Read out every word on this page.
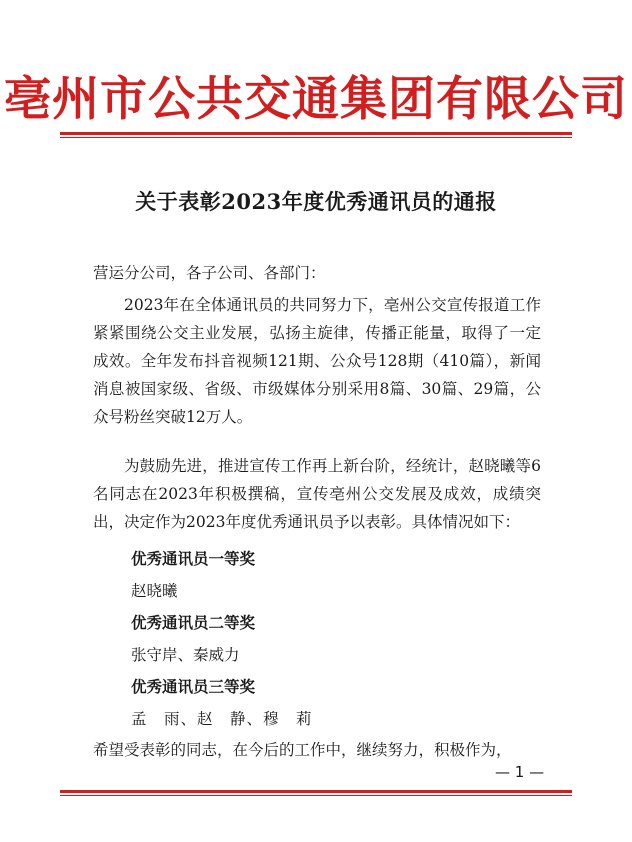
亳州市公共交通集团有限公司
关于表彰2023年度优秀通讯员的通报
营运分公司，各子公司、各部门：
2023年在全体通讯员的共同努力下，亳州公交宣传报道工作紧紧围绕公交主业发展，弘扬主旋律，传播正能量，取得了一定成效。全年发布抖音视频121期、公众号128期（410篇），新闻消息被国家级、省级、市级媒体分别采用8篇、30篇、29篇，公众号粉丝突破12万人。
为鼓励先进，推进宣传工作再上新台阶，经统计，赵晓曦等6名同志在2023年积极撰稿，宣传亳州公交发展及成效，成绩突出，决定作为2023年度优秀通讯员予以表彰。具体情况如下：
优秀通讯员一等奖
赵晓曦
优秀通讯员二等奖
张守岸、秦威力
优秀通讯员三等奖
孟　雨、赵　静、穆　莉
希望受表彰的同志，在今后的工作中，继续努力，积极作为，
— 1 —
